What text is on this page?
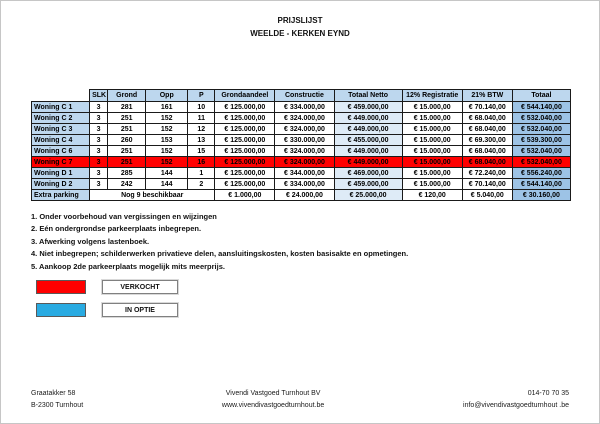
PRIJSLIJST
WEELDE - KERKEN EYND
	SLK	Grond	Opp	P	Grondaandeel	Constructie	Totaal Netto	12% Registratie	21% BTW	Totaal
Woning C 1	3	281	161	10	€ 125.000,00	€ 334.000,00	€ 459.000,00	€ 15.000,00	€ 70.140,00	€ 544.140,00
Woning C 2	3	251	152	11	€ 125.000,00	€ 324.000,00	€ 449.000,00	€ 15.000,00	€ 68.040,00	€ 532.040,00
Woning C 3	3	251	152	12	€ 125.000,00	€ 324.000,00	€ 449.000,00	€ 15.000,00	€ 68.040,00	€ 532.040,00
Woning C 4	3	260	153	13	€ 125.000,00	€ 330.000,00	€ 455.000,00	€ 15.000,00	€ 69.300,00	€ 539.300,00
Woning C 6	3	251	152	15	€ 125.000,00	€ 324.000,00	€ 449.000,00	€ 15.000,00	€ 68.040,00	€ 532.040,00
Woning C 7	3	251	152	16	€ 125.000,00	€ 324.000,00	€ 449.000,00	€ 15.000,00	€ 68.040,00	€ 532.040,00
Woning D 1	3	285	144	1	€ 125.000,00	€ 344.000,00	€ 469.000,00	€ 15.000,00	€ 72.240,00	€ 556.240,00
Woning D 2	3	242	144	2	€ 125.000,00	€ 334.000,00	€ 459.000,00	€ 15.000,00	€ 70.140,00	€ 544.140,00
Extra parking	Nog 9 beschikbaar				€ 1.000,00	€ 24.000,00	€ 25.000,00	€ 120,00	€ 5.040,00	€ 30.160,00
1. Onder voorbehoud van vergissingen en wijzingen
2. Eén ondergrondse parkeerplaats inbegrepen.
3. Afwerking volgens lastenboek.
4. Niet inbegrepen; schilderwerken privatieve delen, aansluitingskosten, kosten basisakte en opmetingen.
5. Aankoop 2de parkeerplaats mogelijk mits meerprijs.
VERKOCHT
IN OPTIE
Graatakker 58
B-2300 Turnhout
Vivendi Vastgoed Turnhout BV
www.vivendivastgoedturnhout.be
014-70 70 35
info@vivendivastgoedturnhout .be
